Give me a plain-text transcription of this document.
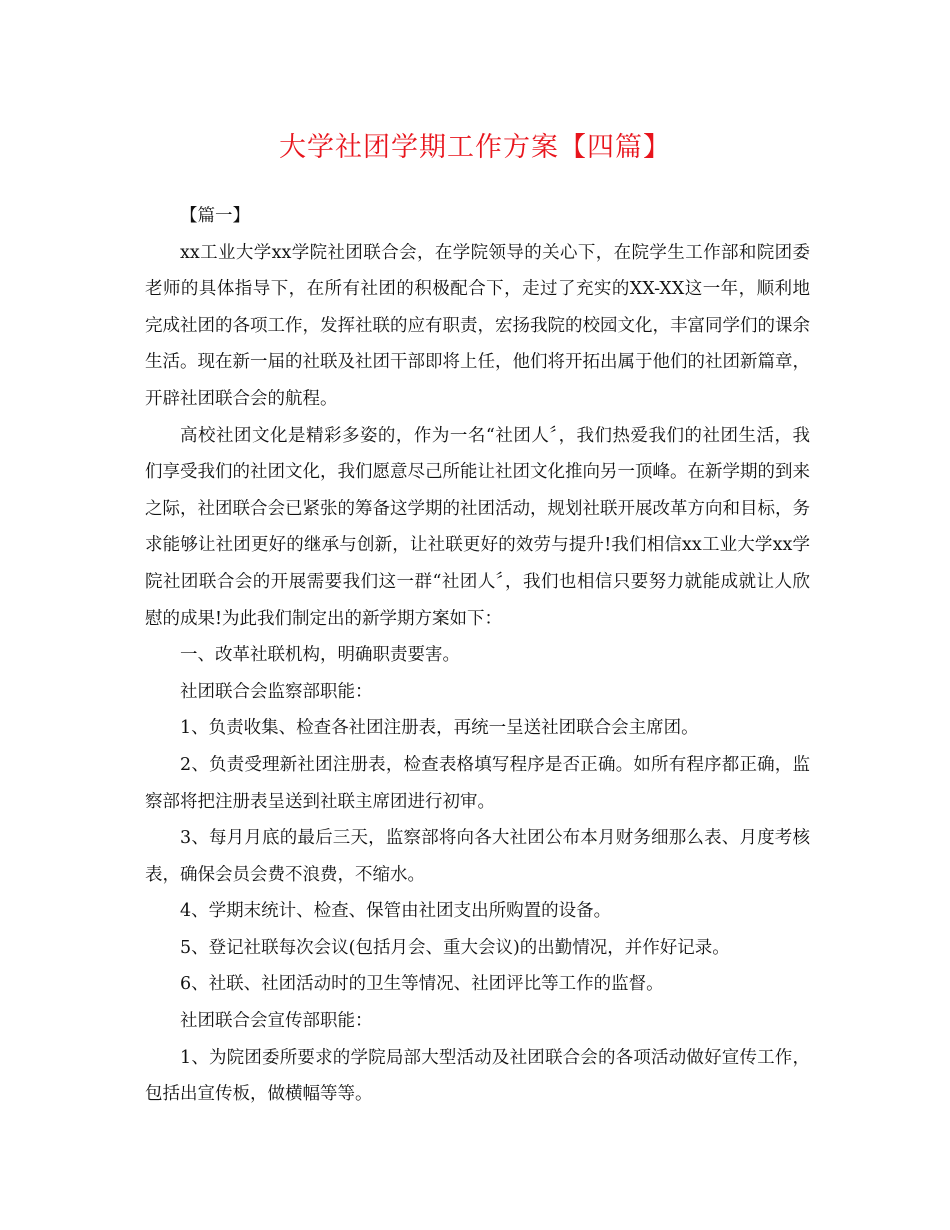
大学社团学期工作方案【四篇】

【篇一】

xx工业大学xx学院社团联合会，在学院领导的关心下，在院学生工作部和院团委老师的具体指导下，在所有社团的积极配合下，走过了充实的XX-XX这一年，顺利地完成社团的各项工作，发挥社联的应有职责，宏扬我院的校园文化，丰富同学们的课余生活。现在新一届的社联及社团干部即将上任，他们将开拓出属于他们的社团新篇章，开辟社团联合会的航程。

高校社团文化是精彩多姿的，作为一名“社团人〞，我们热爱我们的社团生活，我们享受我们的社团文化，我们愿意尽己所能让社团文化推向另一顶峰。在新学期的到来之际，社团联合会已紧张的筹备这学期的社团活动，规划社联开展改革方向和目标，务求能够让社团更好的继承与创新，让社联更好的效劳与提升!我们相信xx工业大学xx学院社团联合会的开展需要我们这一群“社团人〞，我们也相信只要努力就能成就让人欣慰的成果!为此我们制定出的新学期方案如下：

一、改革社联机构，明确职责要害。

社团联合会监察部职能：

1、负责收集、检查各社团注册表，再统一呈送社团联合会主席团。

2、负责受理新社团注册表，检查表格填写程序是否正确。如所有程序都正确，监察部将把注册表呈送到社联主席团进行初审。

3、每月月底的最后三天，监察部将向各大社团公布本月财务细那么表、月度考核表，确保会员会费不浪费，不缩水。

4、学期末统计、检查、保管由社团支出所购置的设备。

5、登记社联每次会议(包括月会、重大会议)的出勤情况，并作好记录。

6、社联、社团活动时的卫生等情况、社团评比等工作的监督。

社团联合会宣传部职能：

1、为院团委所要求的学院局部大型活动及社团联合会的各项活动做好宣传工作，包括出宣传板，做横幅等等。
